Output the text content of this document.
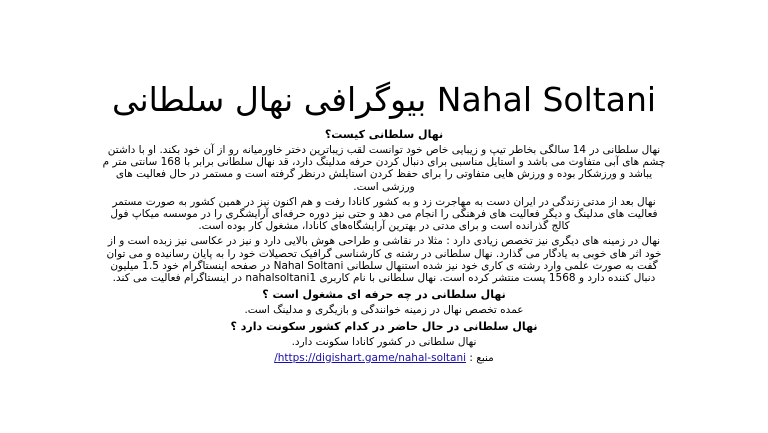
بیوگرافی نهال سلطانی Nahal Soltani

نهال سلطانی کیست؟

نهال سلطانی در 14 سالگی بخاطر تیپ و زیبایی خاص خود توانست لقب زیباترین دختر خاورمیانه رو از آن خود بکند. او با داشتن چشم های آبی متفاوت می باشد و استایل مناسبی برای دنبال کردن حرفه مدلینگ دارد، قد نهال سلطانی برابر با 168 سانتی متر م یباشد و ورزشکار بوده و ورزش هایی متفاوتی را برای حفظ کردن استایلش درنظر گرفته است و مستمر در حال فعالیت های ورزشی است.

نهال بعد از مدتی زندگی در ایران دست به مهاجرت زد و به کشور کانادا رفت و هم اکنون نیز در همین کشور به صورت مستمر فعالیت های مدلینگ و دیگر فعالیت های فرهنگی را انجام می دهد و حتی نیز دوره حرفه‌ای آرایشگری را در موسسه میکاپ فول کالج گذرانده است و برای مدتی در بهترین آرایشگاه‌های کانادا، مشغول کار بوده است.

نهال در زمینه های دیگری نیز تخصص زیادی دارد : مثلا در نقاشی و طراحی هوش بالایی دارد و نیز در عکاسی نیز زبده است و از خود اثر های خوبی به یادگار می گذارد. نهال سلطانی در رشته ی کارشناسی گرافیک تحصیلات خود را به پایان رسانیده و می توان گفت به صورت علمی وارد رشته ی کاری خود نیز شده استنهال سلطانی Nahal Soltani در صفحه اینستاگرام خود 1.5 میلیون دنبال کننده دارد و 1568 پست منتشر کرده است. نهال سلطانی با نام کاربری nahalsoltani1 در اینستاگرام فعالیت می کند.

نهال سلطانی در چه حرفه ای مشغول است ؟

عمده تخصص نهال در زمینه خوانندگی و بازیگری و مدلینگ است.

نهال سلطانی در حال حاضر در کدام کشور سکونت دارد ؟

نهال سلطانی در کشور کانادا سکونت دارد.

منبع : https://digishart.game/nahal-soltani/
